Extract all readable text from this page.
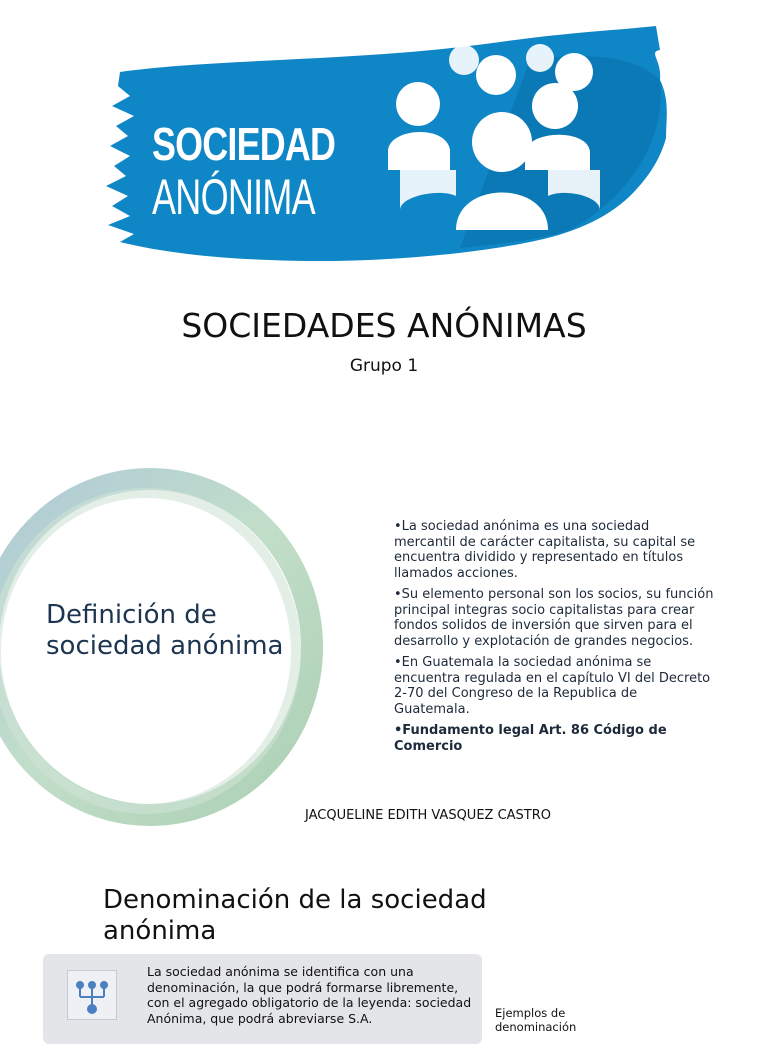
SOCIEDAD
ANÓNIMA
SOCIEDADES ANÓNIMAS
Grupo 1
Definición de sociedad anónima

•La sociedad anónima es una sociedad mercantil de carácter capitalista, su capital se encuentra dividido y representado en títulos llamados acciones.

•Su elemento personal son los socios, su función principal integras socio capitalistas para crear fondos solidos de inversión que sirven para el desarrollo y explotación de grandes negocios.

•En Guatemala la sociedad anónima se encuentra regulada en el capítulo VI del Decreto 2-70 del Congreso de la Republica de Guatemala.

•Fundamento legal Art. 86 Código de Comercio

JACQUELINE EDITH VASQUEZ CASTRO
Denominación de la sociedad anónima
La sociedad anónima se identifica con una denominación, la que podrá formarse libremente, con el agregado obligatorio de la leyenda: sociedad Anónima, que podrá abreviarse S.A.	Ejemplos de denominación
